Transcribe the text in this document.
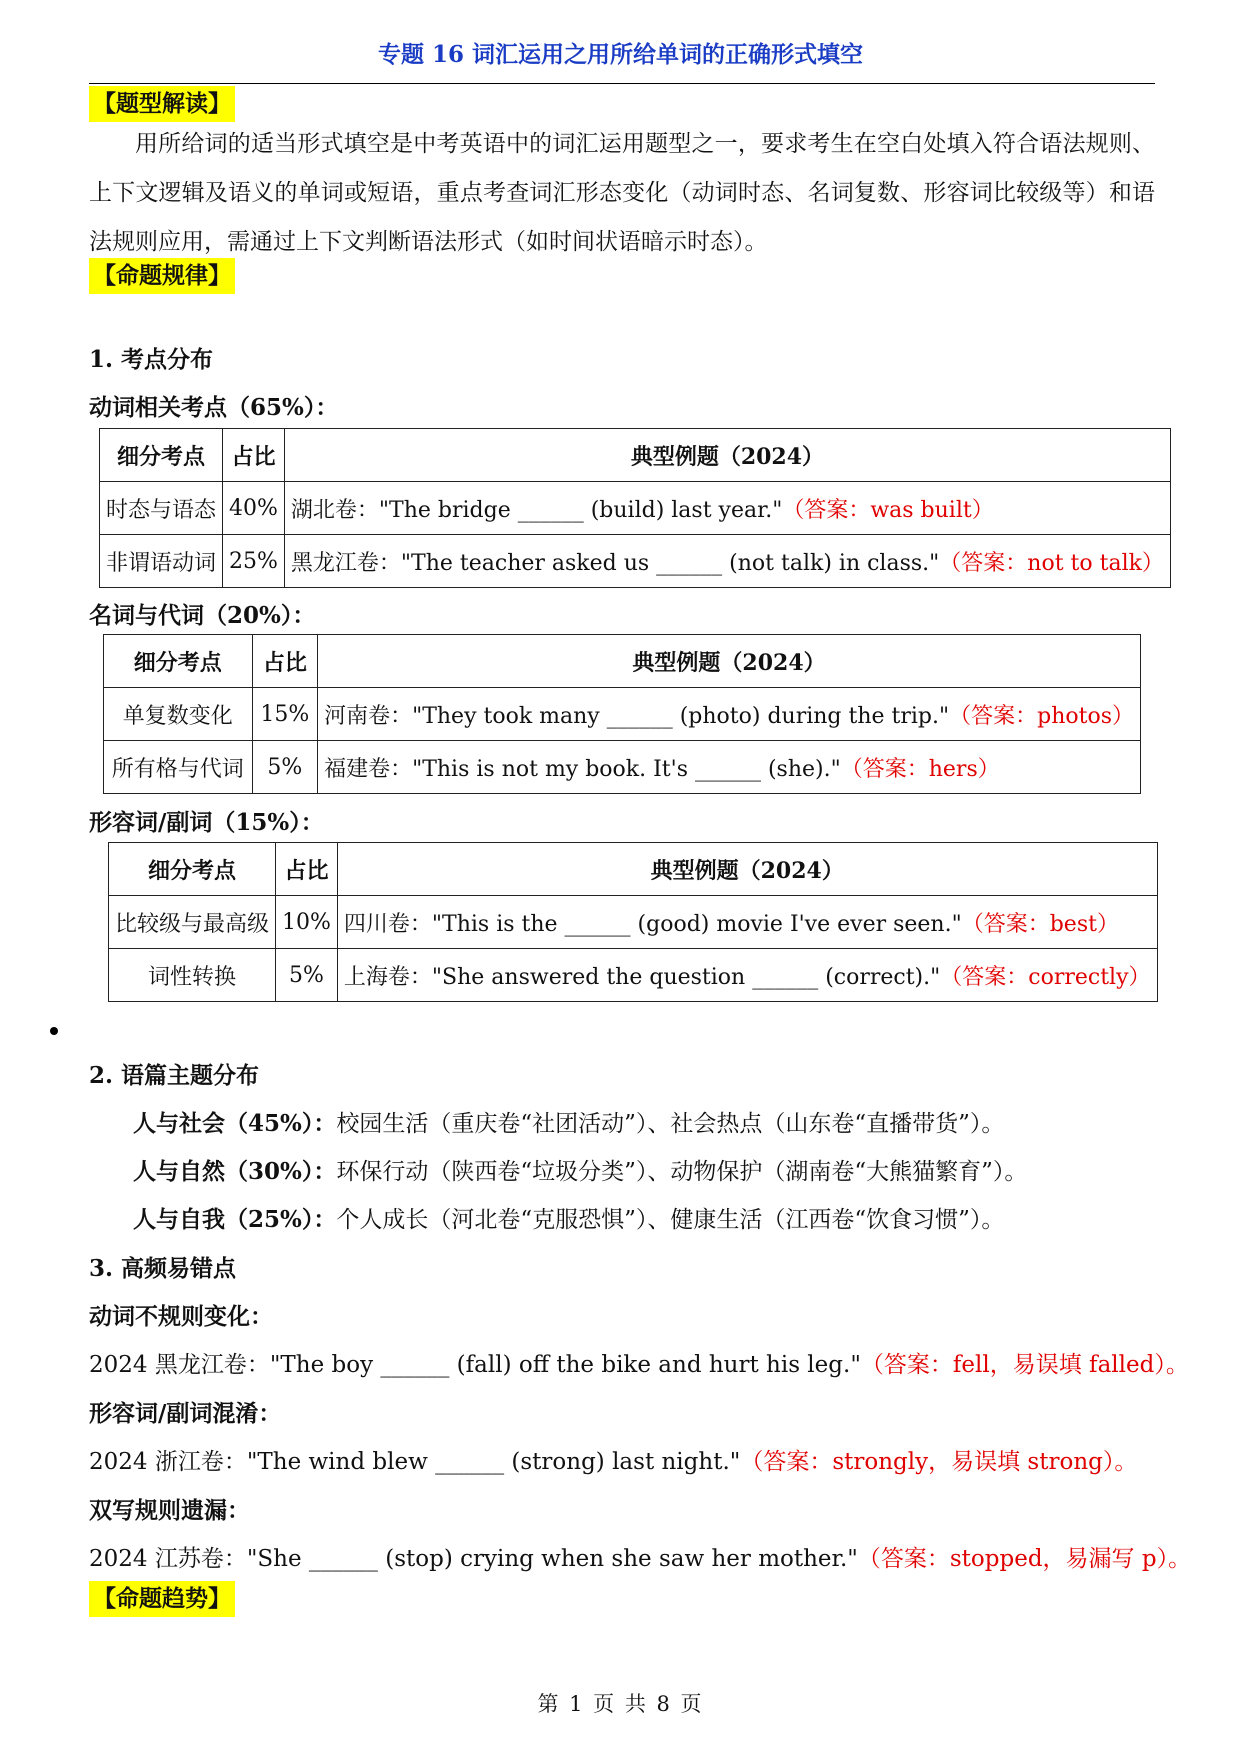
专题 16 词汇运用之用所给单词的正确形式填空
【题型解读】
用所给词的适当形式填空是中考英语中的词汇运用题型之一，要求考生在空白处填入符合语法规则、上下文逻辑及语义的单词或短语，重点考查词汇形态变化（动词时态、名词复数、形容词比较级等）和语法规则应用，需通过上下文判断语法形式（如时间状语暗示时态）。
【命题规律】
1. 考点分布
动词相关考点（65%）：
细分考点	占比	典型例题（2024）
时态与语态	40%	湖北卷："The bridge ______ (build) last year."（答案：was built）
非谓语动词	25%	黑龙江卷："The teacher asked us ______ (not talk) in class."（答案：not to talk）
名词与代词（20%）：
细分考点	占比	典型例题（2024）
单复数变化	15%	河南卷："They took many ______ (photo) during the trip."（答案：photos）
所有格与代词	5%	福建卷："This is not my book. It's ______ (she)."（答案：hers）
形容词/副词（15%）：
细分考点	占比	典型例题（2024）
比较级与最高级	10%	四川卷："This is the ______ (good) movie I've ever seen."（答案：best）
词性转换	5%	上海卷："She answered the question ______ (correct)."（答案：correctly）
2. 语篇主题分布
人与社会（45%）：校园生活（重庆卷“社团活动”）、社会热点（山东卷“直播带货”）。
人与自然（30%）：环保行动（陕西卷“垃圾分类”）、动物保护（湖南卷“大熊猫繁育”）。
人与自我（25%）：个人成长（河北卷“克服恐惧”）、健康生活（江西卷“饮食习惯”）。
3. 高频易错点
动词不规则变化：
2024 黑龙江卷："The boy ______ (fall) off the bike and hurt his leg."（答案：fell，易误填 falled）。
形容词/副词混淆：
2024 浙江卷："The wind blew ______ (strong) last night."（答案：strongly，易误填 strong）。
双写规则遗漏：
2024 江苏卷："She ______ (stop) crying when she saw her mother."（答案：stopped，易漏写 p）。
【命题趋势】
第 1 页 共 8 页
